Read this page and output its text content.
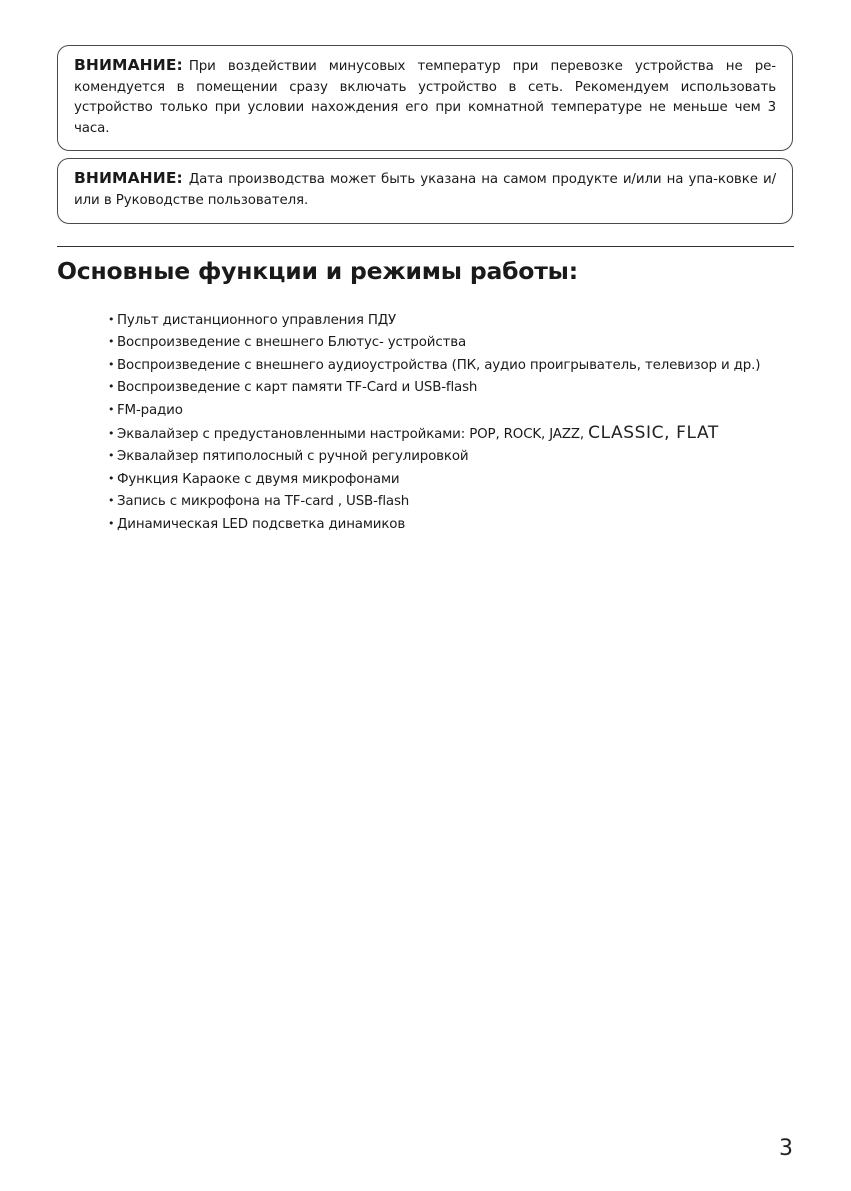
ВНИМАНИЕ: При воздействии минусовых температур при перевозке устройства не ре-комендуется в помещении сразу включать устройство в сеть. Рекомендуем использовать устройство только при условии нахождения его при комнатной температуре не меньше чем 3 часа.
ВНИМАНИЕ: Дата производства может быть указана на самом продукте и/или на упа-ковке и/или в Руководстве пользователя.
Основные функции и режимы работы:
• Пульт дистанционного управления ПДУ
• Воспроизведение с внешнего Блютус- устройства
• Воспроизведение с внешнего аудиоустройства (ПК, аудио проигрыватель, телевизор и др.)
• Воспроизведение с карт памяти TF-Card и USB-flash
• FM-радио
• Эквалайзер с предустановленными настройками: POP, ROCK, JAZZ, CLASSIC, FLAT
• Эквалайзер пятиполосный с ручной регулировкой
• Функция Караоке с двумя микрофонами
• Запись с микрофона на TF-card , USB-flash
• Динамическая LED подсветка динамиков
3
